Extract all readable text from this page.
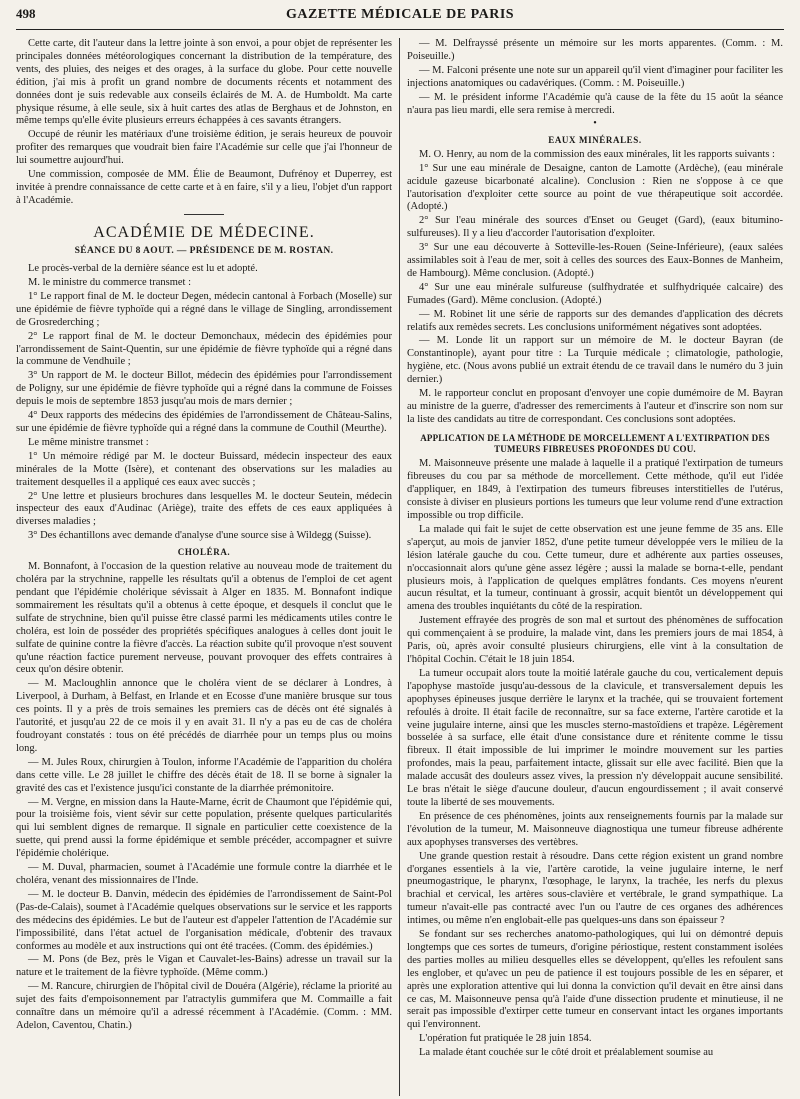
498	GAZETTE MÉDICALE DE PARIS

Cette carte, dit l'auteur dans la lettre jointe à son envoi, a pour objet de représenter les principales données météorologiques concernant la distribution de la température, des vents, des pluies, des neiges et des orages, à la surface du globe. Pour cette nouvelle édition, j'ai mis à profit un grand nombre de documents récents et notamment des données dont je suis redevable aux conseils éclairés de M. A. de Humboldt. Ma carte physique résume, à elle seule, six à huit cartes des atlas de Berghaus et de Johnston, en même temps qu'elle évite plusieurs erreurs échappées à ces savants étrangers.

Occupé de réunir les matériaux d'une troisième édition, je serais heureux de pouvoir profiter des remarques que voudrait bien faire l'Académie sur celle que j'ai l'honneur de lui soumettre aujourd'hui.

Une commission, composée de MM. Élie de Beaumont, Dufrénoy et Duperrey, est invitée à prendre connaissance de cette carte et à en faire, s'il y a lieu, l'objet d'un rapport à l'Académie.

ACADÉMIE DE MÉDECINE.
SÉANCE DU 8 AOUT. — PRÉSIDENCE DE M. ROSTAN.

Le procès-verbal de la dernière séance est lu et adopté.

M. le ministre du commerce transmet :

1° Le rapport final de M. le docteur Degen, médecin cantonal à Forbach (Moselle) sur une épidémie de fièvre typhoïde qui a régné dans le village de Singling, arrondissement de Grosrederching ;

2° Le rapport final de M. le docteur Demonchaux, médecin des épidémies pour l'arrondissement de Saint-Quentin, sur une épidémie de fièvre typhoïde qui a régné dans la commune de Vendhuile ;

3° Un rapport de M. le docteur Billot, médecin des épidémies pour l'arrondissement de Poligny, sur une épidémie de fièvre typhoïde qui a régné dans la commune de Foisses depuis le mois de septembre 1853 jusqu'au mois de mars dernier ;

4° Deux rapports des médecins des épidémies de l'arrondissement de Château-Salins, sur une épidémie de fièvre typhoïde qui a régné dans la commune de Couthil (Meurthe).

Le même ministre transmet :

1° Un mémoire rédigé par M. le docteur Buissard, médecin inspecteur des eaux minérales de la Motte (Isère), et contenant des observations sur les maladies au traitement desquelles il a appliqué ces eaux avec succès ;

2° Une lettre et plusieurs brochures dans lesquelles M. le docteur Seutein, médecin inspecteur des eaux d'Audinac (Ariège), traite des effets de ces eaux appliquées à diverses maladies ;

3° Des échantillons avec demande d'analyse d'une source sise à Wildegg (Suisse).

CHOLÉRA.

M. Bonnafont, à l'occasion de la question relative au nouveau mode de traitement du choléra par la strychnine, rappelle les résultats qu'il a obtenus de l'emploi de cet agent pendant que l'épidémie cholérique sévissait à Alger en 1835. M. Bonnafont indique sommairement les résultats qu'il a obtenus à cette époque, et desquels il conclut que le sulfate de strychnine, bien qu'il puisse être classé parmi les médicaments utiles contre le choléra, est loin de posséder des propriétés spécifiques analogues à celles dont jouit le sulfate de quinine contre la fièvre d'accès. La réaction subite qu'il provoque n'est souvent qu'une réaction factice purement nerveuse, pouvant provoquer des effets contraires à ceux qu'on désire obtenir.

— M. Macloughlin annonce que le choléra vient de se déclarer à Londres, à Liverpool, à Durham, à Belfast, en Irlande et en Ecosse d'une manière brusque sur tous ces points. Il y a près de trois semaines les premiers cas de décès ont été signalés à l'autorité, et jusqu'au 22 de ce mois il y en avait 31. Il n'y a pas eu de cas de choléra foudroyant constatés : tous on été précédés de diarrhée pour un temps plus ou moins long.

— M. Jules Roux, chirurgien à Toulon, informe l'Académie de l'apparition du choléra dans cette ville. Le 28 juillet le chiffre des décès était de 18. Il se borne à signaler la gravité des cas et l'existence jusqu'ici constante de la diarrhée prémonitoire.

— M. Vergne, en mission dans la Haute-Marne, écrit de Chaumont que l'épidémie qui, pour la troisième fois, vient sévir sur cette population, présente quelques particularités qui lui semblent dignes de remarque. Il signale en particulier cette coexistence de la suette, qui prend aussi la forme épidémique et semble précéder, accompagner et suivre l'épidémie cholérique.

— M. Duval, pharmacien, soumet à l'Académie une formule contre la diarrhée et le choléra, venant des missionnaires de l'Inde.

— M. le docteur B. Danvin, médecin des épidémies de l'arrondissement de Saint-Pol (Pas-de-Calais), soumet à l'Académie quelques observations sur le service et les rapports des médecins des épidémies. Le but de l'auteur est d'appeler l'attention de l'Académie sur l'impossibilité, dans l'état actuel de l'organisation médicale, d'obtenir des travaux conformes au modèle et aux instructions qui ont été tracées. (Comm. des épidémies.)

— M. Pons (de Bez, près le Vigan et Cauvalet-les-Bains) adresse un travail sur la nature et le traitement de la fièvre typhoïde. (Même comm.)

— M. Rancure, chirurgien de l'hôpital civil de Douéra (Algérie), réclame la priorité au sujet des faits d'empoisonnement par l'atractylis gummifera que M. Commaille a fait connaître dans un mémoire qu'il a adressé récemment à l'Académie. (Comm. : MM. Adelon, Caventou, Chatin.)

— M. Delfrayssé présente un mémoire sur les morts apparentes. (Comm. : M. Poiseuille.)

— M. Falconi présente une note sur un appareil qu'il vient d'imaginer pour faciliter les injections anatomiques ou cadavériques. (Comm. : M. Poiseuille.)

— M. le président informe l'Académie qu'à cause de la fête du 15 août la séance n'aura pas lieu mardi, elle sera remise à mercredi.

•
EAUX MINÉRALES.

M. O. Henry, au nom de la commission des eaux minérales, lit les rapports suivants :

1° Sur une eau minérale de Desaigne, canton de Lamotte (Ardèche), (eau minérale acidule gazeuse bicarbonaté alcaline). Conclusion : Rien ne s'oppose à ce que l'autorisation d'exploiter cette source au point de vue thérapeutique soit accordée. (Adopté.)

2° Sur l'eau minérale des sources d'Enset ou Geuget (Gard), (eaux bitumino-sulfureuses). Il y a lieu d'accorder l'autorisation d'exploiter.

3° Sur une eau découverte à Sotteville-les-Rouen (Seine-Inférieure), (eaux salées assimilables soit à l'eau de mer, soit à celles des sources des Eaux-Bonnes de Manheim, de Hambourg). Même conclusion. (Adopté.)

4° Sur une eau minérale sulfureuse (sulfhydratée et sulfhydriquée calcaire) des Fumades (Gard). Même conclusion. (Adopté.)

— M. Robinet lit une série de rapports sur des demandes d'application des décrets relatifs aux remèdes secrets. Les conclusions uniformément négatives sont adoptées.

— M. Londe lit un rapport sur un mémoire de M. le docteur Bayran (de Constantinople), ayant pour titre : La Turquie médicale ; climatologie, pathologie, hygiène, etc. (Nous avons publié un extrait étendu de ce travail dans le numéro du 3 juin dernier.)

M. le rapporteur conclut en proposant d'envoyer une copie dumémoire de M. Bayran au ministre de la guerre, d'adresser des remerciments à l'auteur et d'inscrire son nom sur la liste des candidats au titre de correspondant. Ces conclusions sont adoptées.

APPLICATION DE LA MÉTHODE DE MORCELLEMENT A L'EXTIRPATION DES TUMEURS FIBREUSES PROFONDES DU COU.

M. Maisonneuve présente une malade à laquelle il a pratiqué l'extirpation de tumeurs fibreuses du cou par sa méthode de morcellement. Cette méthode, qu'il eut l'idée d'appliquer, en 1849, à l'extirpation des tumeurs fibreuses interstitielles de l'utérus, consiste à diviser en plusieurs portions les tumeurs que leur volume rend d'une extraction impossible ou trop difficile.

La malade qui fait le sujet de cette observation est une jeune femme de 35 ans. Elle s'aperçut, au mois de janvier 1852, d'une petite tumeur développée vers le milieu de la lésion latérale gauche du cou. Cette tumeur, dure et adhérente aux parties osseuses, n'occasionnait alors qu'une gène assez légère ; aussi la malade se borna-t-elle, pendant plusieurs mois, à l'application de quelques emplâtres fondants. Ces moyens n'eurent aucun résultat, et la tumeur, continuant à grossir, acquit bientôt un développement qui amena des troubles inquiétants du côté de la respiration.

Justement effrayée des progrès de son mal et surtout des phénomènes de suffocation qui commençaient à se produire, la malade vint, dans les premiers jours de mai 1854, à Paris, où, après avoir consulté plusieurs chirurgiens, elle vint à la consultation de l'hôpital Cochin. C'était le 18 juin 1854.

La tumeur occupait alors toute la moitié latérale gauche du cou, verticalement depuis l'apophyse mastoïde jusqu'au-dessous de la clavicule, et transversalement depuis les apophyses épineuses jusque derrière le larynx et la trachée, qui se trouvaient fortement refoulés à droite. Il était facile de reconnaître, sur sa face externe, l'artère carotide et la veine jugulaire interne, ainsi que les muscles sterno-mastoïdiens et trapèze. Légèrement bosselée à sa surface, elle était d'une consistance dure et rénitente comme le tissu fibreux. Il était impossible de lui imprimer le moindre mouvement sur les parties profondes, mais la peau, parfaitement intacte, glissait sur elle avec facilité. Bien que la malade accusât des douleurs assez vives, la pression n'y développait aucune sensibilité. Le bras n'était le siège d'aucune douleur, d'aucun engourdissement ; il avait conservé toute la liberté de ses mouvements.

En présence de ces phénomènes, joints aux renseignements fournis par la malade sur l'évolution de la tumeur, M. Maisonneuve diagnostiqua une tumeur fibreuse adhérente aux apophyses transverses des vertèbres.

Une grande question restait à résoudre. Dans cette région existent un grand nombre d'organes essentiels à la vie, l'artère carotide, la veine jugulaire interne, le nerf pneumogastrique, le pharynx, l'œsophage, le larynx, la trachée, les nerfs du plexus brachial et cervical, les artères sous-clavière et vertébrale, le grand sympathique. La tumeur n'avait-elle pas contracté avec l'un ou l'autre de ces organes des adhérences intimes, ou même n'en englobait-elle pas quelques-uns dans son épaisseur ?

Se fondant sur ses recherches anatomo-pathologiques, qui lui on démontré depuis longtemps que ces sortes de tumeurs, d'origine périostique, restent constamment isolées des parties molles au milieu desquelles elles se développent, qu'elles les refoulent sans les englober, et qu'avec un peu de patience il est toujours possible de les en séparer, et après une exploration attentive qui lui donna la conviction qu'il devait en être ainsi dans ce cas, M. Maisonneuve pensa qu'à l'aide d'une dissection prudente et minutieuse, il ne serait pas impossible d'extirper cette tumeur en conservant intact les organes importants qui l'environnent.

L'opération fut pratiquée le 28 juin 1854.

La malade étant couchée sur le côté droit et préalablement soumise au
